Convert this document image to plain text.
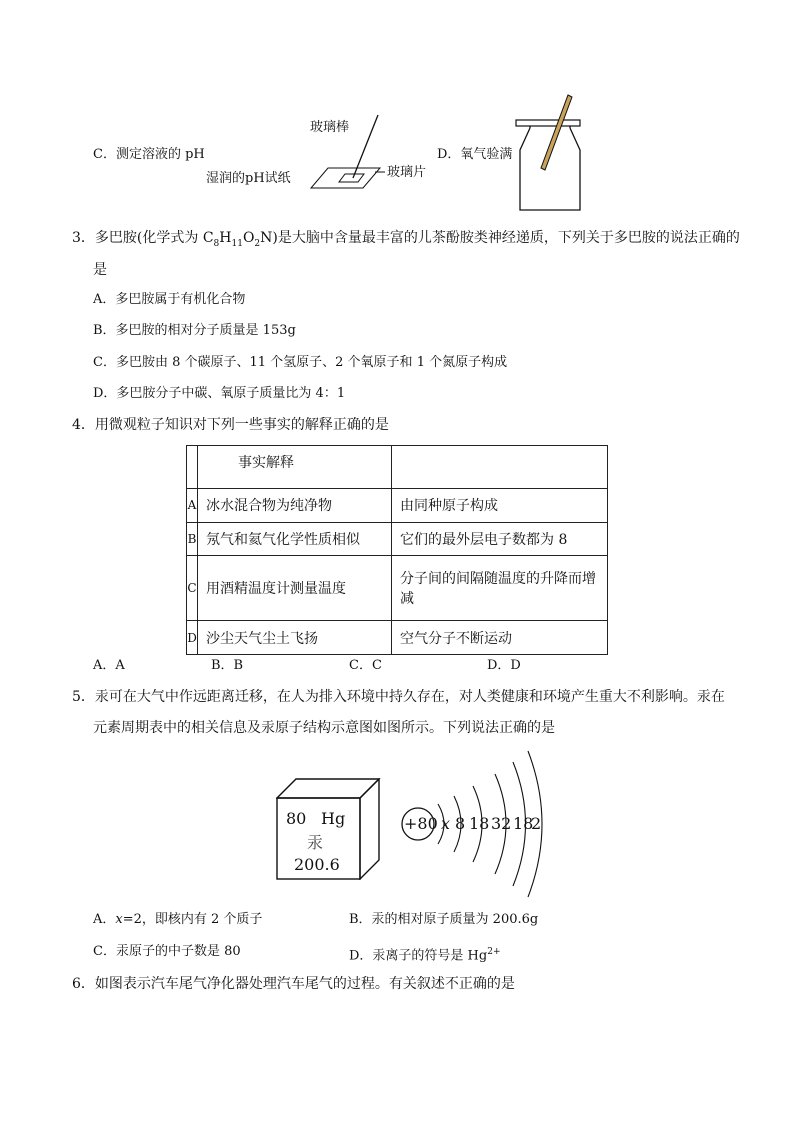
C．测定溶液的 pH
玻璃棒
湿润的pH试纸	玻璃片
D．氧气验满
3．多巴胺(化学式为 $C_8H_{11}O_2N$)是大脑中含量最丰富的儿茶酚胺类神经递质，下列关于多巴胺的说法正确的
是
A．多巴胺属于有机化合物
B．多巴胺的相对分子质量是 153g
C．多巴胺由 8 个碳原子、11 个氢原子、2 个氧原子和 1 个氮原子构成
D．多巴胺分子中碳、氧原子质量比为 4：1
4．用微观粒子知识对下列一些事实的解释正确的是
	事实解释	
A	冰水混合物为纯净物	由同种原子构成
B	氖气和氦气化学性质相似	它们的最外层电子数都为 8
C	用酒精温度计测量温度	分子间的间隔随温度的升降而增减
D	沙尘天气尘土飞扬	空气分子不断运动
A．A	B．B	C．C	D．D
5．汞可在大气中作远距离迁移，在人为排入环境中持久存在，对人类健康和环境产生重大不利影响。汞在
元素周期表中的相关信息及汞原子结构示意图如图所示。下列说法正确的是
80 Hg
汞
200.6
+80 x 8 18 32 18
2
A．x=2，即核内有 2 个质子	B．汞的相对原子质量为 200.6g
C．汞原子的中子数是 80	D．汞离子的符号是 $Hg^{2+}$
6．如图表示汽车尾气净化器处理汽车尾气的过程。有关叙述不正确的是
